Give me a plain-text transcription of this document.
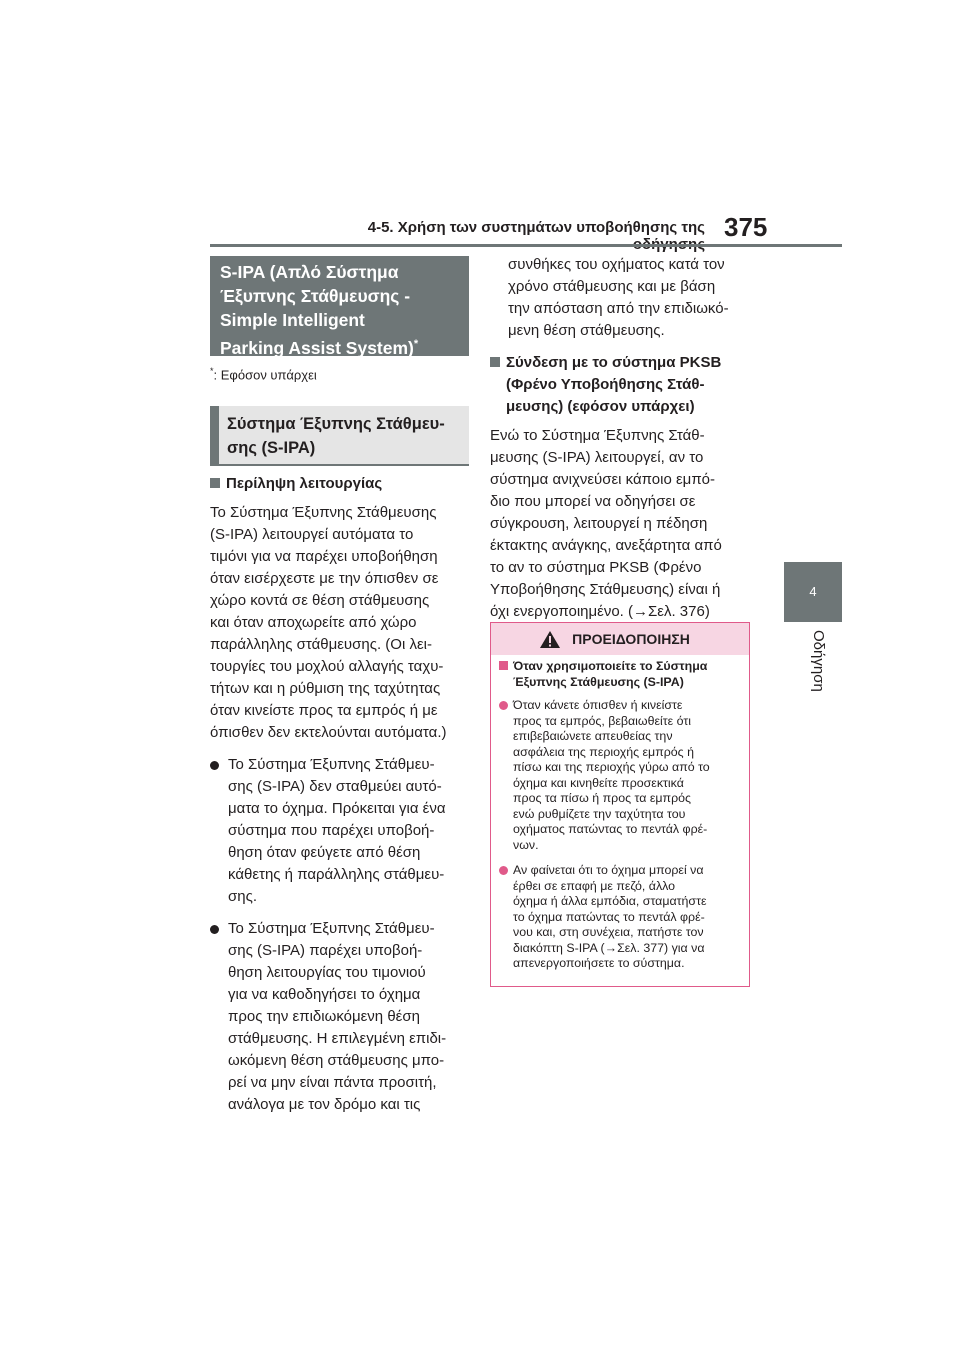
4-5. Χρήση των συστημάτων υποβοήθησης της 375
4
Οδήγηση
S-IPA (Απλό Σύστημα
Έξυπνης Στάθμευσης -
Simple Intelligent
Parking Assist System)*
*: Εφόσον υπάρχει
Σύστημα Έξυπνης Στάθμευ-
σης (S-IPA)
Περίληψη λειτουργίας
Το Σύστημα Έξυπνης Στάθμευσης
(S-IPA) λειτουργεί αυτόματα το
τιμόνι για να παρέχει υποβοήθηση
όταν εισέρχεστε με την όπισθεν σε
χώρο κοντά σε θέση στάθμευσης
και όταν αποχωρείτε από χώρο
παράλληλης στάθμευσης. (Οι λει-
τουργίες του μοχλού αλλαγής ταχυ-
τήτων και η ρύθμιση της ταχύτητας
όταν κινείστε προς τα εμπρός ή με
όπισθεν δεν εκτελούνται αυτόματα.)
Το Σύστημα Έξυπνης Στάθμευ-
σης (S-IPA) δεν σταθμεύει αυτό-
ματα το όχημα. Πρόκειται για ένα
σύστημα που παρέχει υποβοή-
θηση όταν φεύγετε από θέση
κάθετης ή παράλληλης στάθμευ-
σης.
Το Σύστημα Έξυπνης Στάθμευ-
σης (S-IPA) παρέχει υποβοή-
θηση λειτουργίας του τιμονιού
για να καθοδηγήσει το όχημα
προς την επιδιωκόμενη θέση
στάθμευσης. Η επιλεγμένη επιδι-
ωκόμενη θέση στάθμευσης μπο-
ρεί να μην είναι πάντα προσιτή,
ανάλογα με τον δρόμο και τις
συνθήκες του οχήματος κατά τον
χρόνο στάθμευσης και με βάση
την απόσταση από την επιδιωκό-
μενη θέση στάθμευσης.
Σύνδεση με το σύστημα PKSB
(Φρένο Υποβοήθησης Στάθ-
μευσης) (εφόσον υπάρχει)
Ενώ το Σύστημα Έξυπνης Στάθ-
μευσης (S-IPA) λειτουργεί, αν το
σύστημα ανιχνεύσει κάποιο εμπό-
διο που μπορεί να οδηγήσει σε
σύγκρουση, λειτουργεί η πέδηση
έκτακτης ανάγκης, ανεξάρτητα από
το αν το σύστημα PKSB (Φρένο
Υποβοήθησης Στάθμευσης) είναι ή
όχι ενεργοποιημένο. (→Σελ. 376)
ΠΡΟΕΙΔΟΠΟΙΗΣΗ
Όταν χρησιμοποιείτε το Σύστημα
Έξυπνης Στάθμευσης (S-IPA)
Όταν κάνετε όπισθεν ή κινείστε
προς τα εμπρός, βεβαιωθείτε ότι
επιβεβαιώνετε απευθείας την
ασφάλεια της περιοχής εμπρός ή
πίσω και της περιοχής γύρω από το
όχημα και κινηθείτε προσεκτικά
προς τα πίσω ή προς τα εμπρός
ενώ ρυθμίζετε την ταχύτητα του
οχήματος πατώντας το πεντάλ φρέ-
νων.
Αν φαίνεται ότι το όχημα μπορεί να
έρθει σε επαφή με πεζό, άλλο
όχημα ή άλλα εμπόδια, σταματήστε
το όχημα πατώντας το πεντάλ φρέ-
νου και, στη συνέχεια, πατήστε τον
διακόπτη S-IPA (→Σελ. 377) για να
απενεργοποιήσετε το σύστημα.
